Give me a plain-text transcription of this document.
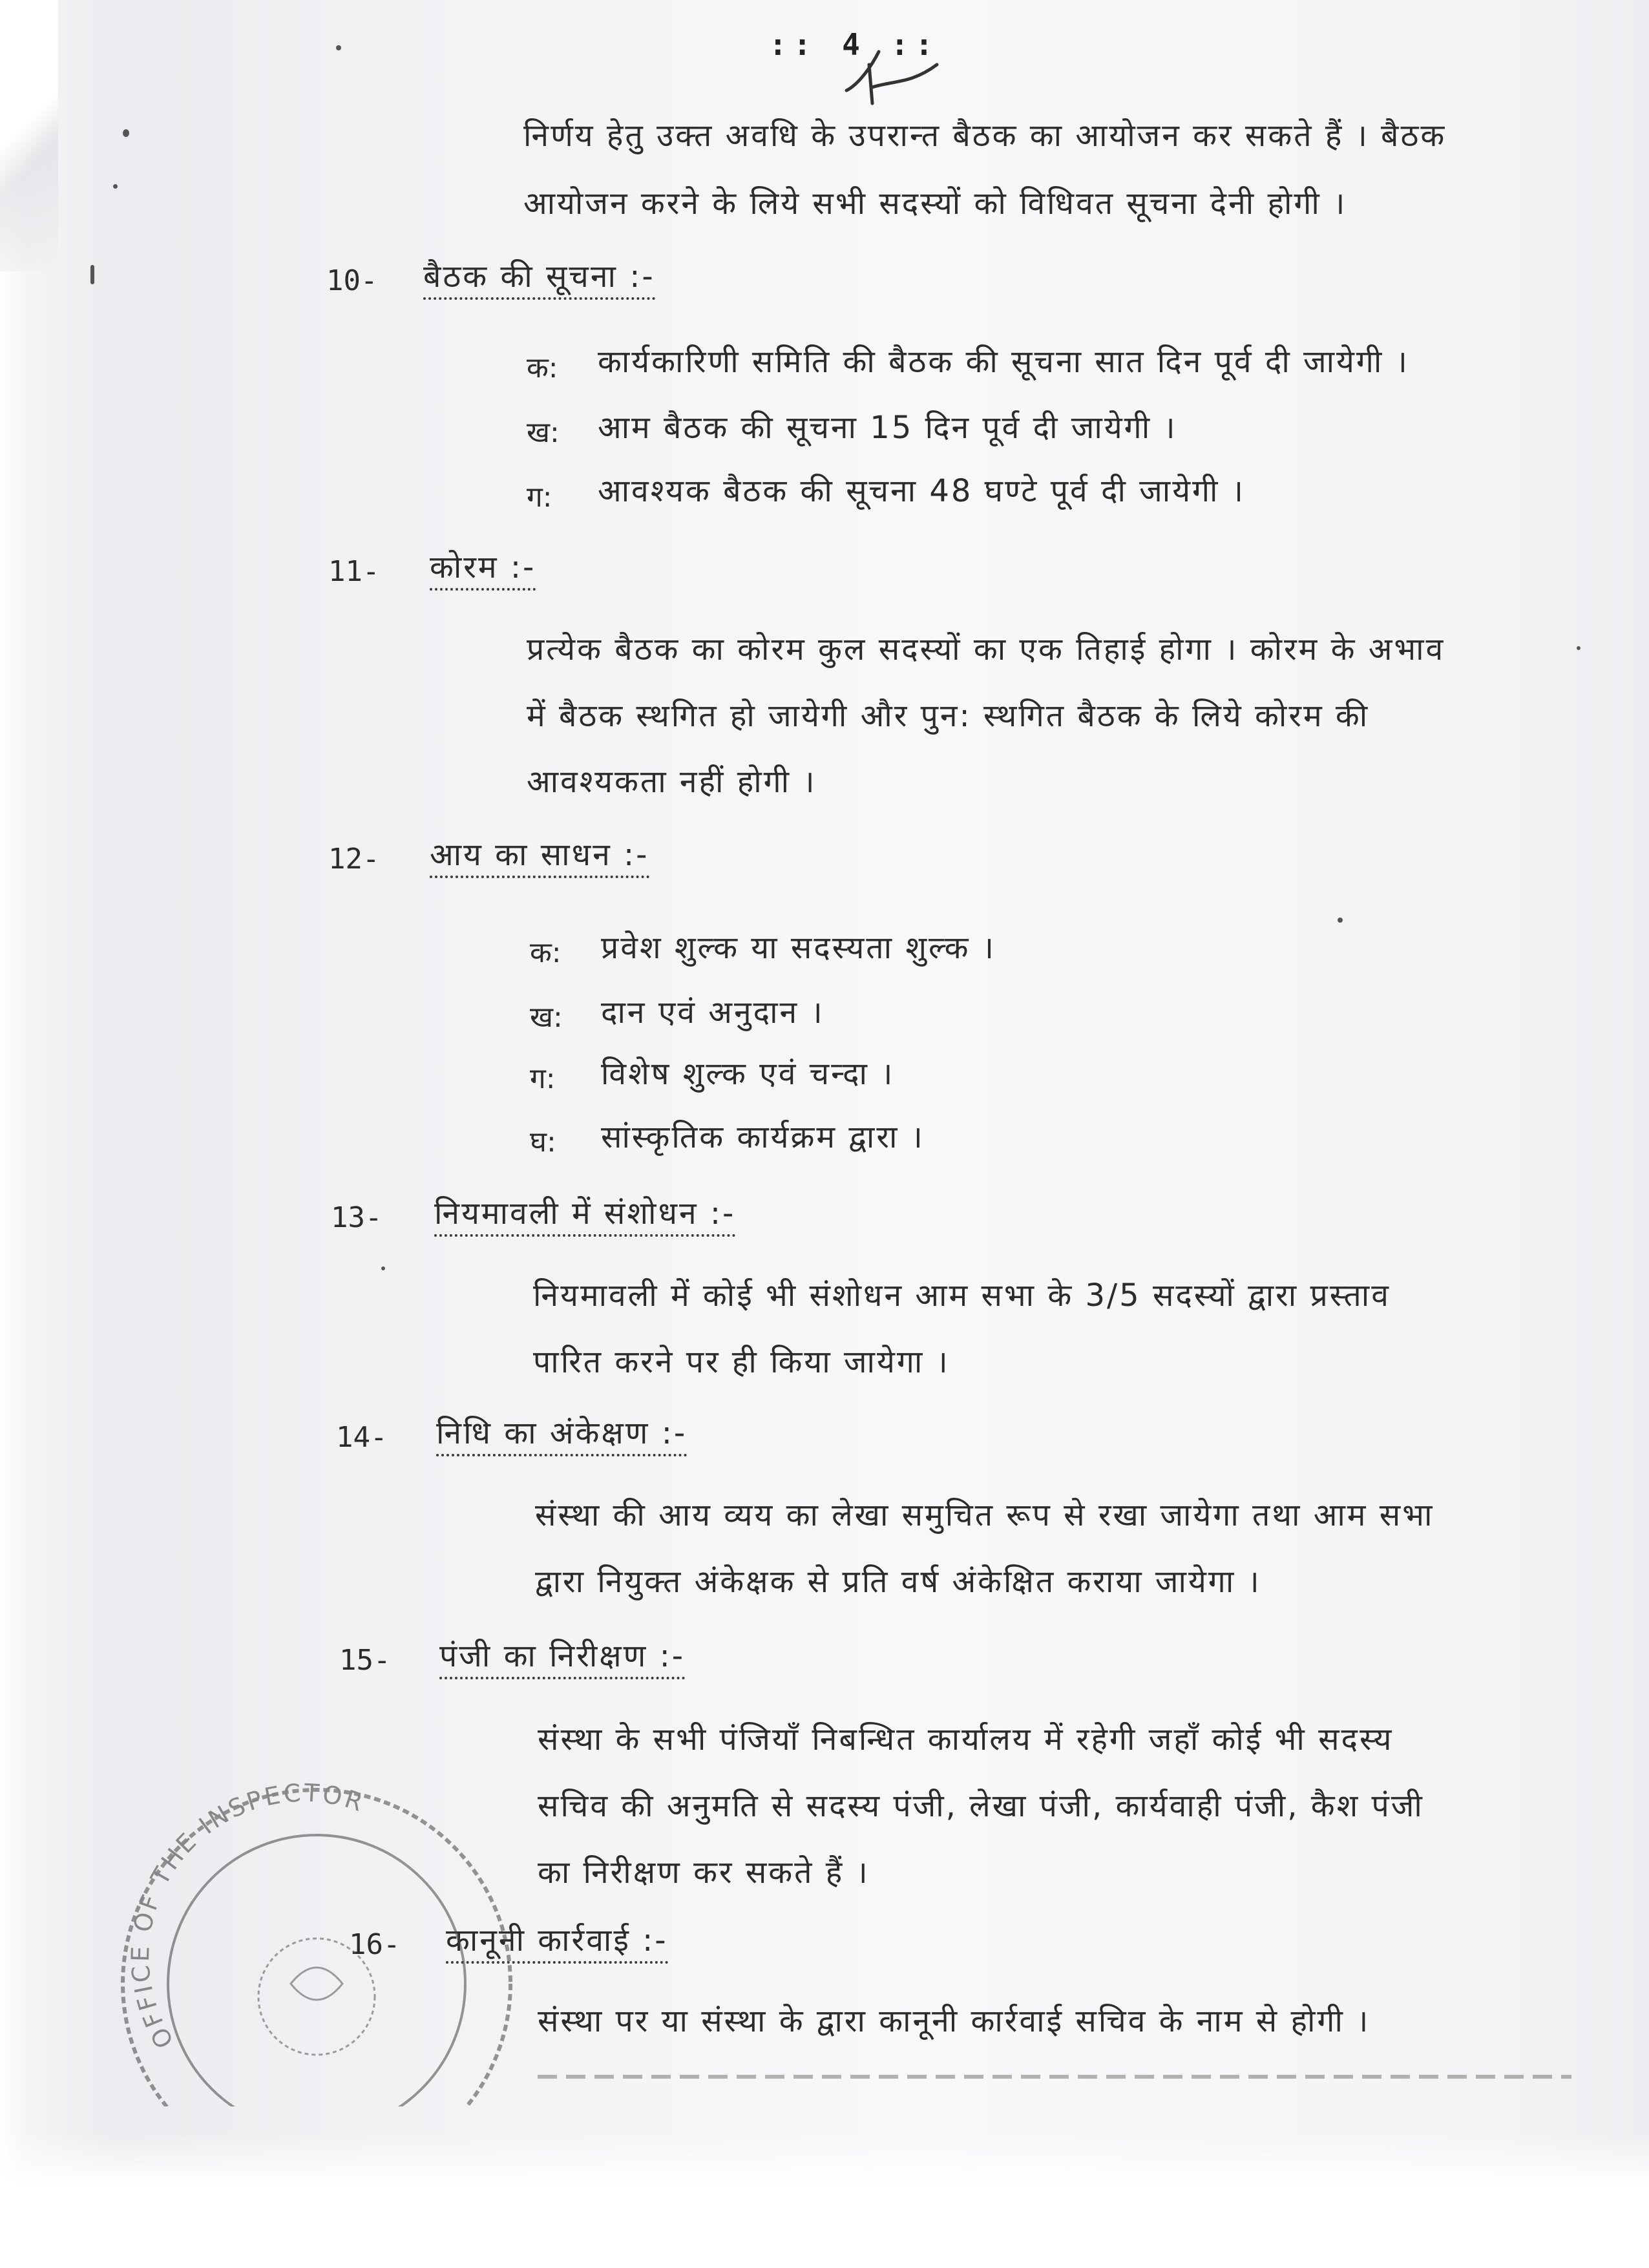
:: 4 ::
निर्णय हेतु उक्त अवधि के उपरान्त बैठक का आयोजन कर सकते हैं । बैठक
आयोजन करने के लिये सभी सदस्यों को विधिवत सूचना देनी होगी ।
10- बैठक की सूचना :-
क: कार्यकारिणी समिति की बैठक की सूचना सात दिन पूर्व दी जायेगी ।
ख: आम बैठक की सूचना 15 दिन पूर्व दी जायेगी ।
ग: आवश्यक बैठक की सूचना 48 घण्टे पूर्व दी जायेगी ।
11- कोरम :-
प्रत्येक बैठक का कोरम कुल सदस्यों का एक तिहाई होगा । कोरम के अभाव
में बैठक स्थगित हो जायेगी और पुन: स्थगित बैठक के लिये कोरम की
आवश्यकता नहीं होगी ।
12- आय का साधन :-
क: प्रवेश शुल्क या सदस्यता शुल्क ।
ख: दान एवं अनुदान ।
ग: विशेष शुल्क एवं चन्दा ।
घ: सांस्कृतिक कार्यक्रम द्वारा ।
13- नियमावली में संशोधन :-
नियमावली में कोई भी संशोधन आम सभा के 3/5 सदस्यों द्वारा प्रस्ताव
पारित करने पर ही किया जायेगा ।
14- निधि का अंकेक्षण :-
संस्था की आय व्यय का लेखा समुचित रूप से रखा जायेगा तथा आम सभा
द्वारा नियुक्त अंकेक्षक से प्रति वर्ष अंकेक्षित कराया जायेगा ।
15- पंजी का निरीक्षण :-
संस्था के सभी पंजियाँ निबन्धित कार्यालय में रहेगी जहाँ कोई भी सदस्य
सचिव की अनुमति से सदस्य पंजी, लेखा पंजी, कार्यवाही पंजी, कैश पंजी
का निरीक्षण कर सकते हैं ।
16- कानूनी कार्रवाई :-
संस्था पर या संस्था के द्वारा कानूनी कार्रवाई सचिव के नाम से होगी ।
OFFICE OF THE INSPECTOR
